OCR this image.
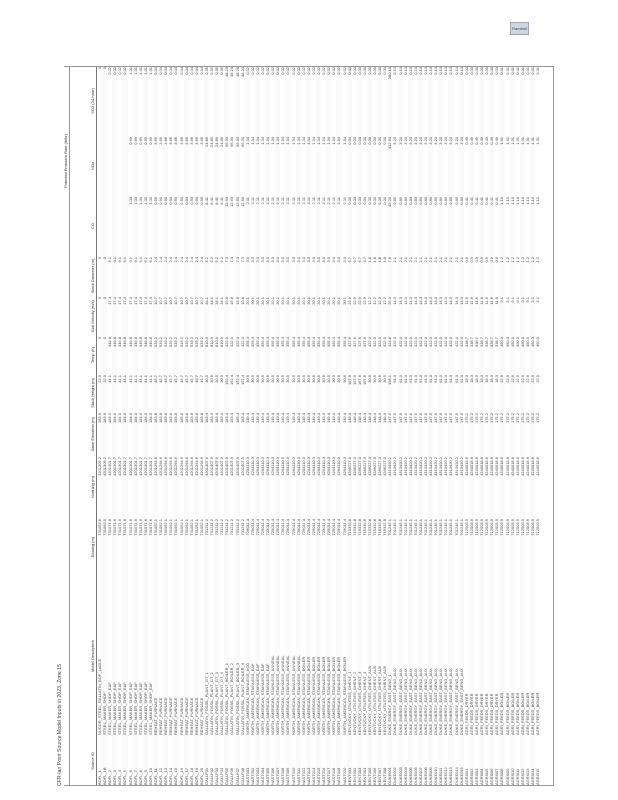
Ramboll
CFR-lan Point Source Model Inputs in 2023, Zone 15
									Potential Emission Rate (lb/hr)		
Source ID	Model Description	Easting (m)	Northing (m)	Base Elevation (m)	Stack Height (m)	Temp (K)	Exit Velocity (m/s)	Stack Diameter (m)	CO	NOx	SO2 (24-hour)
BOFL_1	NUCOR_STEEL_GALLATIN_BOF_LADLE	731063.6	4201309.2	183.9	22.9	0	0	0			0
BOFL_1B	STEEL_MAKER_SHOP	731063.5	4201309.2	183.9	22.9	0	0	0			0
BOFL_2	STEEL_MAKER_SHOP_EAF	731071.6	4201301.7	184.0	41.1	349.8	17.4	6.1			0.02
BOFL_3	STEEL_MAKER_SHOP_EAF	731071.6	4201301.7	184.0	41.1	349.8	17.4	6.1			0.02
BOFL_4	STEEL_MAKER_SHOP_EAF	731071.6	4201301.7	184.0	41.1	349.8	17.4	6.1			0.02
BOFL_5	STEEL_MAKER_SHOP_EAF	731071.6	4201301.7	184.0	41.1	349.8	17.4	6.1			0.02
BOFL_6	STEEL_MAKER_SHOP_EAF	731071.6	4201301.7	184.0	41.1	349.8	17.4	6.1	1.00	0.69	1.01
BOFL_7	STEEL_MAKER_SHOP_EAF	731071.6	4201301.7	184.0	41.1	349.8	17.4	6.1	1.00	0.69	1.01
BOFL_8	STEEL_MAKER_SHOP_EAF	731071.6	4201301.7	184.0	41.1	349.8	17.4	6.1	1.00	0.69	1.01
BOFL_9	STEEL_MAKER_SHOP_EAF	731071.6	4201301.7	184.0	41.1	349.8	17.4	6.1	1.00	0.69	1.01
BOFL_10	STEEL_MAKER_SHOP_EAF	731071.6	4201301.7	184.0	41.1	349.8	17.4	6.1	1.00	0.69	1.01
BOFL_11	REHEAT_FURNACE	731052.1	4201294.6	183.8	45.7	533.2	10.7	2.4	0.90	3.66	0.04
BOFL_12	REHEAT_FURNACE	731052.1	4201294.6	183.8	45.7	533.2	10.7	2.4	0.90	3.66	0.04
BOFL_13	REHEAT_FURNACE	731052.1	4201294.6	183.8	45.7	533.2	10.7	2.4	0.90	3.66	0.04
BOFL_14	REHEAT_FURNACE	731052.1	4201294.6	183.8	45.7	533.2	10.7	2.4	0.90	3.66	0.04
BOFL_15	REHEAT_FURNACE	731052.1	4201294.6	183.8	45.7	533.2	10.7	2.4	0.90	3.66	0.04
BOFL_16	REHEAT_FURNACE	731052.1	4201294.6	183.8	45.7	533.2	10.7	2.4	0.90	3.66	0.04
BOFL_17	REHEAT_FURNACE	731052.1	4201294.6	183.8	45.7	533.2	10.7	2.4	0.90	3.66	0.04
BOFL_18	REHEAT_FURNACE	731052.1	4201294.6	183.8	45.7	533.2	10.7	2.4	0.90	3.66	0.04
BOFL_19	REHEAT_FURNACE	731052.1	4201294.6	183.8	45.7	533.2	10.7	2.4	0.90	3.66	0.04
BOFL_20	REHEAT_FURNACE	731052.1	4201294.6	183.8	45.7	533.2	10.7	2.4	0.90	3.66	0.04
GALLF01	GALLATIN_FOSSIL_PLANT_GT_1	731211.2	4201407.9	183.4	30.5	810.9	34.1	5.2	8.41	24.89	0.35
GALLF02	GALLATIN_FOSSIL_PLANT_GT_2	731211.2	4201407.9	183.4	30.5	810.9	34.1	5.2	8.41	24.89	0.35
GALLF03	GALLATIN_FOSSIL_PLANT_GT_3	731211.2	4201407.9	183.4	30.5	810.9	34.1	5.2	8.41	24.89	0.35
GALLF04	GALLATIN_FOSSIL_PLANT_GT_4	731211.2	4201407.9	183.4	30.5	810.9	34.1	5.2	8.41	24.89	0.35
GALLF05	GALLATIN_FOSSIL_PLANT_BOILER_1	731211.2	4201407.9	183.4	152.4	422.0	19.8	7.3	12.60	56.30	48.20
GALLF06	GALLATIN_FOSSIL_PLANT_BOILER_2	731211.2	4201407.9	183.4	152.4	422.0	19.8	7.3	12.60	56.30	48.20
GALLF07	GALLATIN_FOSSIL_PLANT_BOILER_3	731211.2	4201407.9	183.4	152.4	422.0	19.8	7.3	12.60	56.30	48.20
GALLF08	GALLATIN_FOSSIL_PLANT_BOILER_4	731211.2	4201407.9	183.4	152.4	422.0	19.8	7.3	12.60	56.30	48.20
NAST001	NORTH_AMERICAN_STAINLESS_AOD	729011.4	4204110.3	149.4	30.5	355.4	20.1	3.0	2.11	1.34	0.02
NAST002	NORTH_AMERICAN_STAINLESS_EAF	729011.4	4204110.3	149.4	30.5	355.4	20.1	3.0	2.11	1.34	0.02
NAST003	NORTH_AMERICAN_STAINLESS_EAF	729011.4	4204110.3	149.4	30.5	355.4	20.1	3.0	2.11	1.34	0.02
NAST004	NORTH_AMERICAN_STAINLESS_EAF	729011.4	4204110.3	149.4	30.5	355.4	20.1	3.0	2.11	1.34	0.02
NAST005	NORTH_AMERICAN_STAINLESS_EAF	729011.4	4204110.3	149.4	30.5	355.4	20.1	3.0	2.11	1.34	0.02
NAST006	NORTH_AMERICAN_STAINLESS_ANNEAL	729011.4	4204110.3	149.4	30.5	355.4	20.1	3.0	2.11	1.34	0.02
NAST007	NORTH_AMERICAN_STAINLESS_ANNEAL	729011.4	4204110.3	149.4	30.5	355.4	20.1	3.0	2.11	1.34	0.02
NAST008	NORTH_AMERICAN_STAINLESS_ANNEAL	729011.4	4204110.3	149.4	30.5	355.4	20.1	3.0	2.11	1.34	0.02
NAST009	NORTH_AMERICAN_STAINLESS_ANNEAL	729011.4	4204110.3	149.4	30.5	355.4	20.1	3.0	2.11	1.34	0.02
NAST010	NORTH_AMERICAN_STAINLESS_ANNEAL	729011.4	4204110.3	149.4	30.5	355.4	20.1	3.0	2.11	1.34	0.02
NAST011	NORTH_AMERICAN_STAINLESS_ANNEAL	729011.4	4204110.3	149.4	30.5	355.4	20.1	3.0	2.11	1.34	0.02
NAST012	NORTH_AMERICAN_STAINLESS_BOILER	729011.4	4204110.3	149.4	30.5	355.4	20.1	3.0	2.11	1.34	0.02
NAST013	NORTH_AMERICAN_STAINLESS_BOILER	729011.4	4204110.3	149.4	30.5	355.4	20.1	3.0	2.11	1.34	0.02
NAST014	NORTH_AMERICAN_STAINLESS_BOILER	729011.4	4204110.3	149.4	30.5	355.4	20.1	3.0	2.11	1.34	0.02
NAST015	NORTH_AMERICAN_STAINLESS_BOILER	729011.4	4204110.3	149.4	30.5	355.4	20.1	3.0	2.11	1.34	0.02
NAST016	NORTH_AMERICAN_STAINLESS_BOILER	729011.4	4204110.3	149.4	30.5	355.4	20.1	3.0	2.11	1.34	0.02
NAST017	NORTH_AMERICAN_STAINLESS_BOILER	729011.4	4204110.3	149.4	30.5	355.4	20.1	3.0	2.11	1.34	0.02
NAST018	NORTH_AMERICAN_STAINLESS_BOILER	729011.4	4204110.3	149.4	30.5	355.4	20.1	3.0	2.11	1.34	0.02
NAST019	NORTH_AMERICAN_STAINLESS_BOILER	729011.4	4204110.3	149.4	30.5	355.4	20.1	3.0	2.11	1.34	0.02
NAST020	NORTH_AMERICAN_STAINLESS_BOILER	729011.4	4204110.3	149.4	30.5	355.4	20.1	3.0	2.11	1.34	0.02
KENT001	KENTUCKY_UTILITIES_GHENT_1	715332.8	4286227.0	148.4	167.6	327.6	22.9	6.7	0.00	0.00	0.00
KENT002	KENTUCKY_UTILITIES_GHENT_2	715332.8	4286227.0	148.4	167.6	327.6	22.9	6.7	0.00	0.00	0.00
KENT003	KENTUCKY_UTILITIES_GHENT_3	715332.8	4286227.0	148.4	167.6	327.6	22.9	6.7	0.00	0.00	0.00
KENT004	KENTUCKY_UTILITIES_GHENT_4	715332.8	4286227.0	148.4	167.6	327.6	22.9	6.7	0.00	0.00	0.00
KENT005	KENTUCKY_UTILITIES_GHENT_AUX	715332.8	4286227.0	148.4	30.5	422.0	12.2	1.8	0.00	0.00	0.00
KENT006	KENTUCKY_UTILITIES_GHENT_AUX	715332.8	4286227.0	148.4	30.5	422.0	12.2	1.8	0.00	0.00	0.00
KENT007	KENTUCKY_UTILITIES_GHENT_AUX	715332.8	4286227.0	148.4	30.5	422.0	12.2	1.8	0.00	0.00	0.00
KENT008	KENTUCKY_UTILITIES_GHENT_AUX	715332.8	4286227.0	148.4	30.5	422.0	12.2	1.8	0.00	0.00	0.00
DUKE001	DUKE_ENERGY_EAST_BEND_1	701245.1	4313420.2	147.5	198.1	324.8	25.3	7.6	45.20	412.60	380.10
DUKE002	DUKE_ENERGY_EAST_BEND_AUX	701245.1	4313420.2	147.5	61.0	422.0	14.3	2.1	0.80	3.20	0.10
DUKE003	DUKE_ENERGY_EAST_BEND_AUX	701245.1	4313420.2	147.5	61.0	422.0	14.3	2.1	0.80	3.20	0.10
DUKE004	DUKE_ENERGY_EAST_BEND_AUX	701245.1	4313420.2	147.5	61.0	422.0	14.3	2.1	0.80	3.20	0.10
DUKE005	DUKE_ENERGY_EAST_BEND_AUX	701245.1	4313420.2	147.5	61.0	422.0	14.3	2.1	0.80	3.20	0.10
DUKE006	DUKE_ENERGY_EAST_BEND_AUX	701245.1	4313420.2	147.5	61.0	422.0	14.3	2.1	0.80	3.20	0.10
DUKE007	DUKE_ENERGY_EAST_BEND_AUX	701245.1	4313420.2	147.5	61.0	422.0	14.3	2.1	0.80	3.20	0.10
DUKE008	DUKE_ENERGY_EAST_BEND_AUX	701245.1	4313420.2	147.5	61.0	422.0	14.3	2.1	0.80	3.20	0.10
DUKE009	DUKE_ENERGY_EAST_BEND_AUX	701245.1	4313420.2	147.5	61.0	422.0	14.3	2.1	0.80	3.20	0.10
DUKE010	DUKE_ENERGY_EAST_BEND_AUX	701245.1	4313420.2	147.5	61.0	422.0	14.3	2.1	0.80	3.20	0.10
DUKE011	DUKE_ENERGY_EAST_BEND_AUX	701245.1	4313420.2	147.5	61.0	422.0	14.3	2.1	0.80	3.20	0.10
DUKE012	DUKE_ENERGY_EAST_BEND_AUX	701245.1	4313420.2	147.5	61.0	422.0	14.3	2.1	0.80	3.20	0.10
DUKE013	DUKE_ENERGY_EAST_BEND_AUX	701245.1	4313420.2	147.5	61.0	422.0	14.3	2.1	0.80	3.20	0.10
DUKE014	DUKE_ENERGY_EAST_BEND_AUX	701245.1	4313420.2	147.5	61.0	422.0	14.3	2.1	0.80	3.20	0.10
DUKE015	DUKE_ENERGY_EAST_BEND_AUX	701245.1	4313420.2	147.5	61.0	422.0	14.3	2.1	0.80	3.20	0.10
AGRI001	AGRI_FEEDS_DRYER	712003.9	4240018.6	175.2	18.3	338.7	11.6	0.9	0.41	0.49	0.00
AGRI002	AGRI_FEEDS_DRYER	712003.9	4240018.6	175.2	18.3	338.7	11.6	0.9	0.41	0.49	0.00
AGRI003	AGRI_FEEDS_DRYER	712003.9	4240018.6	175.2	18.3	338.7	11.6	0.9	0.41	0.49	0.00
AGRI004	AGRI_FEEDS_DRYER	712003.9	4240018.6	175.2	18.3	338.7	11.6	0.9	0.41	0.49	0.00
AGRI005	AGRI_FEEDS_DRYER	712003.9	4240018.6	175.2	18.3	338.7	11.6	0.9	0.41	0.49	0.00
AGRI006	AGRI_FEEDS_DRYER	712003.9	4240018.6	175.2	18.3	338.7	11.6	0.9	0.41	0.49	0.00
AGRI007	AGRI_FEEDS_DRYER	712003.9	4240018.6	175.2	18.3	338.7	11.6	0.9	0.41	0.49	0.00
AGRI008	AGRI_FEEDS_BOILER	712003.9	4240018.6	175.2	22.9	450.0	9.1	1.2	1.10	1.31	0.01
AGRI009	AGRI_FEEDS_BOILER	712003.9	4240018.6	175.2	22.9	450.0	9.1	1.2	1.10	1.31	0.01
AGRI010	AGRI_FEEDS_BOILER	712003.9	4240018.6	175.2	22.9	450.0	9.1	1.2	1.10	1.31	0.01
AGRI011	AGRI_FEEDS_BOILER	712003.9	4240018.6	175.2	22.9	450.0	9.1	1.2	1.10	1.31	0.01
AGRI012	AGRI_FEEDS_BOILER	712003.9	4240018.6	175.2	22.9	450.0	9.1	1.2	1.10	1.31	0.01
AGRI013	AGRI_FEEDS_BOILER	712003.9	4240018.6	175.2	22.9	450.0	9.1	1.2	1.10	1.31	0.01
AGRI014	AGRI_FEEDS_BOILER	712003.9	4240018.6	175.2	22.9	450.0	9.1	1.2	1.10	1.31	0.01
AGRI015	AGRI_FEEDS_BOILER	712003.9	4240018.6	175.2	22.9	450.0	9.1	1.2	1.10	1.31	0.01
